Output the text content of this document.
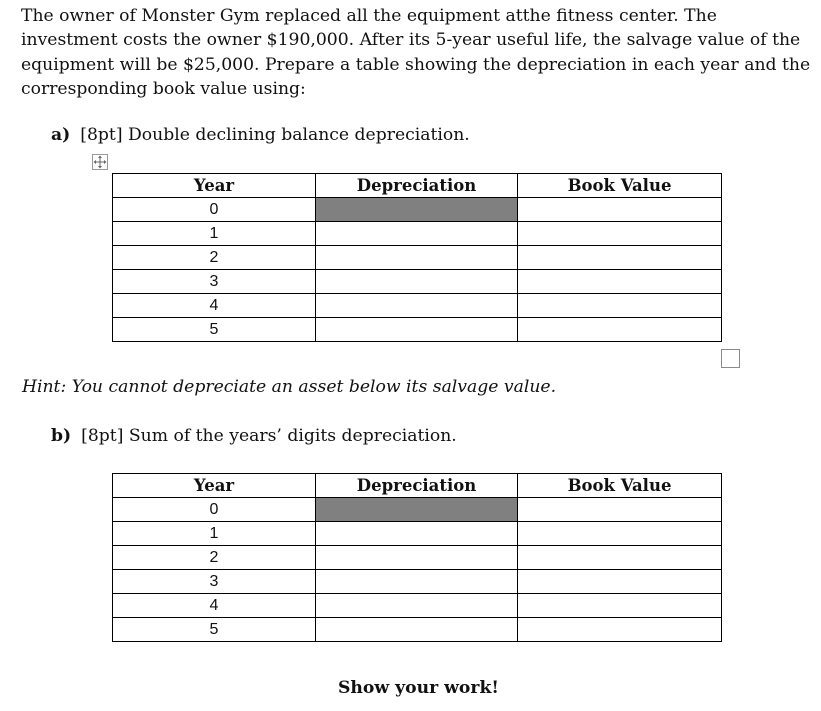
The owner of Monster Gym replaced all the equipment atthe fitness center. The investment costs the owner $190,000. After its 5-year useful life, the salvage value of the equipment will be $25,000. Prepare a table showing the depreciation in each year and the corresponding book value using:

a) [8pt] Double declining balance depreciation.

Year	Depreciation	Book Value
0		
1		
2		
3		
4		
5		

Hint: You cannot depreciate an asset below its salvage value.

b) [8pt] Sum of the years’ digits depreciation.

Year	Depreciation	Book Value
0		
1		
2		
3		
4		
5		

Show your work!
